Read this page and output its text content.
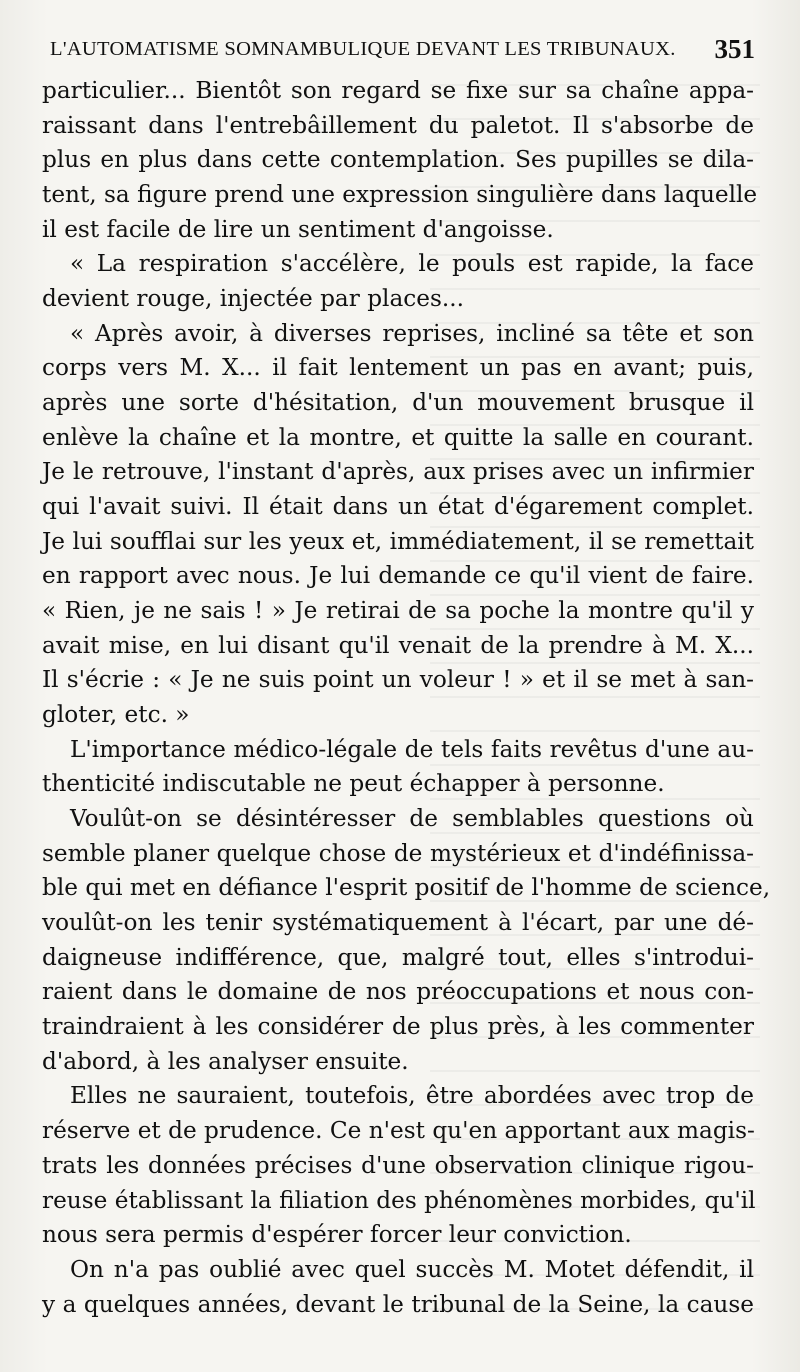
L'AUTOMATISME SOMNAMBULIQUE DEVANT LES TRIBUNAUX. 351
particulier... Bientôt son regard se fixe sur sa chaîne appa-
raissant dans l'entrebâillement du paletot. Il s'absorbe de
plus en plus dans cette contemplation. Ses pupilles se dila-
tent, sa figure prend une expression singulière dans laquelle
il est facile de lire un sentiment d'angoisse.
« La respiration s'accélère, le pouls est rapide, la face
devient rouge, injectée par places...
« Après avoir, à diverses reprises, incliné sa tête et son
corps vers M. X... il fait lentement un pas en avant; puis,
après une sorte d'hésitation, d'un mouvement brusque il
enlève la chaîne et la montre, et quitte la salle en courant.
Je le retrouve, l'instant d'après, aux prises avec un infirmier
qui l'avait suivi. Il était dans un état d'égarement complet.
Je lui soufflai sur les yeux et, immédiatement, il se remettait
en rapport avec nous. Je lui demande ce qu'il vient de faire.
« Rien, je ne sais ! » Je retirai de sa poche la montre qu'il y
avait mise, en lui disant qu'il venait de la prendre à M. X...
Il s'écrie : « Je ne suis point un voleur ! » et il se met à san-
gloter, etc. »
L'importance médico-légale de tels faits revêtus d'une au-
thenticité indiscutable ne peut échapper à personne.
Voulût-on se désintéresser de semblables questions où
semble planer quelque chose de mystérieux et d'indéfinissa-
ble qui met en défiance l'esprit positif de l'homme de science,
voulût-on les tenir systématiquement à l'écart, par une dé-
daigneuse indifférence, que, malgré tout, elles s'introdui-
raient dans le domaine de nos préoccupations et nous con-
traindraient à les considérer de plus près, à les commenter
d'abord, à les analyser ensuite.
Elles ne sauraient, toutefois, être abordées avec trop de
réserve et de prudence. Ce n'est qu'en apportant aux magis-
trats les données précises d'une observation clinique rigou-
reuse établissant la filiation des phénomènes morbides, qu'il
nous sera permis d'espérer forcer leur conviction.
On n'a pas oublié avec quel succès M. Motet défendit, il
y a quelques années, devant le tribunal de la Seine, la cause
